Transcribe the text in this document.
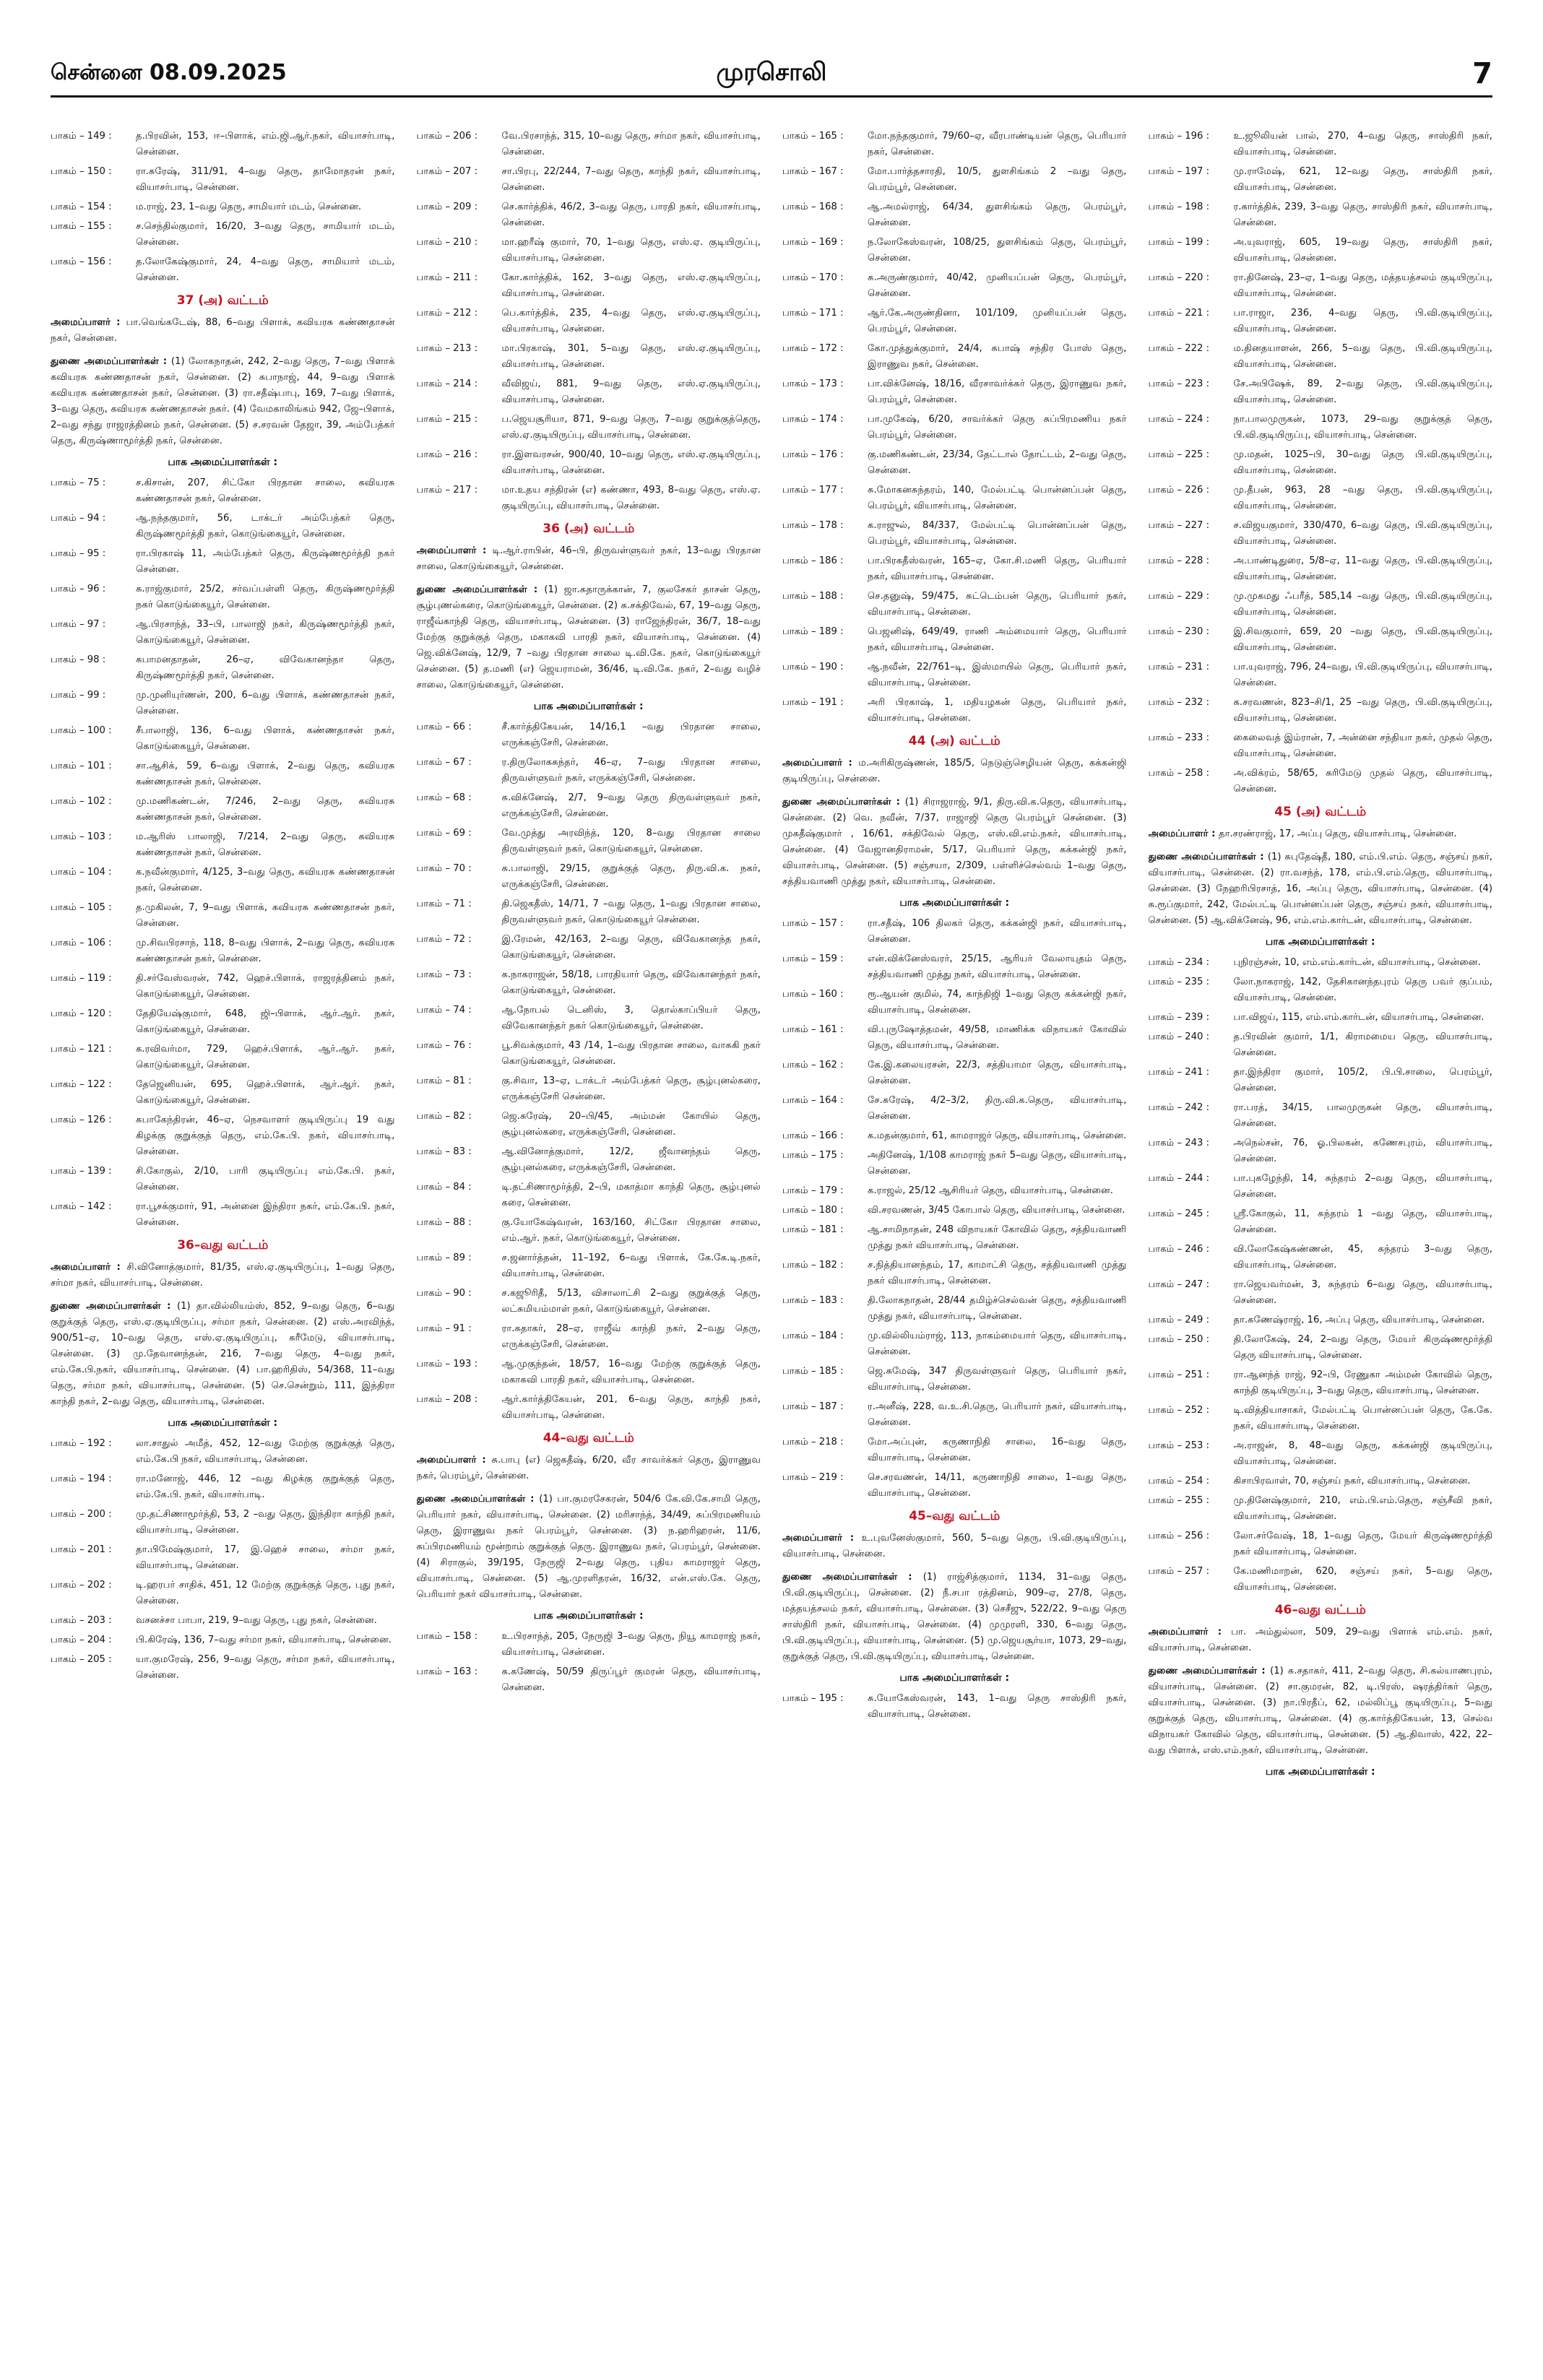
சென்னை 08.09.2025	முரசொலி	7
பாகம் – 149 :	த.பிரவின், 153, ஈ–பிளாக், எம்.ஜி.ஆர்.நகர், வியாசர்பாடி, சென்னை.
பாகம் – 150 :	ரா.சுரேஷ், 311/91, 4–வது தெரு, தாமோதரன் நகர், வியாசர்பாடி, சென்னை.
பாகம் – 154 :	ம.ராஜ், 23, 1–வது தெரு, சாமியார் மடம், சென்னை.
பாகம் – 155 :	ச.செந்தில்குமார், 16/20, 3–வது தெரு, சாமியார் மடம், சென்னை.
பாகம் – 156 :	த.லோகேஷ்குமார், 24, 4–வது தெரு, சாமியார் மடம், சென்னை.
37 (அ) வட்டம்
அமைப்பாளர் : பா.வெங்கடேஷ், 88, 6–வது பிளாக், கவியரசு கண்ணதாசன் நகர், சென்னை.
துணை அமைப்பாளர்கள் : (1) லோகநாதன், 242, 2–வது தெரு, 7–வது பிளாக் கவியரசு கண்ணதாசன் நகர், சென்னை. (2) சுபாநாஜ், 44, 9–வது பிளாக் கவியரசு கண்ணதாசன் நகர், சென்னை. (3) ரா.சதீஷ்பாபு, 169, 7–வது பிளாக், 3–வது தெரு, கவியரசு கண்ணதாசன் நகர். (4) வேமகாலிங்கம் 942, ஜே–பிளாக், 2–வது சந்து ராஜரத்தினம் நகர், சென்னை. (5) ச.சரவன் தேஜா, 39, அம்பேத்கர் தெரு, கிருஷ்ணாமூர்த்தி நகர், சென்னை.
பாக அமைப்பாளர்கள் :
பாகம் – 75 :	ச.கிசான், 207, சிட்கோ பிரதான சாலை, கவியரசு கண்ணதாசன் நகர், சென்னை.
பாகம் – 94 :	ஆ.நந்தகுமார், 56, டாக்டர் அம்பேத்கர் தெரு, கிருஷ்ணமூர்த்தி நகர், கொடுங்கையூர், சென்னை.
பாகம் – 95 :	ரா.பிரகாஷ் 11, அம்பேத்கர் தெரு, கிருஷ்ணமூர்த்தி நகர் சென்னை.
பாகம் – 96 :	க.ராஜ்குமார், 25/2, சர்வப்பள்ளி தெரு, கிருஷ்ணமூர்த்தி நகர் கொடுங்கையூர், சென்னை.
பாகம் – 97 :	ஆ.பிரசாந்த், 33–பி, பாலாஜி நகர், கிருஷ்ணமூர்த்தி நகர், கொடுங்கையூர், சென்னை.
பாகம் – 98 :	சுபாமனதாதன், 26–ஏ, விவேகானந்தா தெரு, கிருஷ்ணமூர்த்தி நகர், சென்னை.
பாகம் – 99 :	மு.முனியுர்ணன், 200, 6–வது பிளாக், கண்ணதாசன் நகர், சென்னை.
பாகம் – 100 :	சீபாலாஜி, 136, 6–வது பிளாக், கண்ணதாசன் நகர், கொடுங்கையூர், சென்னை.
பாகம் – 101 :	சா.ஆசிக், 59, 6–வது பிளாக், 2–வது தெரு, கவியரசு கண்ணதாசன் நகர், சென்னை.
பாகம் – 102 :	மு.மணிகண்டன், 7/246, 2–வது தெரு, கவியரசு கண்ணதாசன் நகர், சென்னை.
பாகம் – 103 :	ம.ஆரிஸ் பாலாஜி, 7/214, 2–வது தெரு, கவியரசு கண்ணதாசன் நகர், சென்னை.
பாகம் – 104 :	க.நவீன்குமார், 4/125, 3–வது தெரு, கவியரசு கண்ணதாசன் நகர், சென்னை.
பாகம் – 105 :	த.முகிலன், 7, 9–வது பிளாக், கவியரசு கண்ணதாசன் நகர், சென்னை.
பாகம் – 106 :	மு.சிவபிரசாந், 118, 8–வது பிளாக், 2–வது தெரு, கவியரசு கண்ணதாசன் நகர், சென்னை.
பாகம் – 119 :	தி.சர்வேஸ்வரன், 742, ஹெச்.பிளாக், ராஜரத்தினம் நகர், கொடுங்கையூர், சென்னை.
பாகம் – 120 :	தேதியேஷ்குமார், 648, ஜி–பிளாக், ஆர்.ஆர். நகர், கொடுங்கையூர், சென்னை.
பாகம் – 121 :	க.ரவிவர்மா, 729, ஹெச்.பிளாக், ஆர்.ஆர். நகர், கொடுங்கையூர், சென்னை.
பாகம் – 122 :	தேஜெனியன், 695, ஹெச்.பிளாக், ஆர்.ஆர். நகர், கொடுங்கையூர், சென்னை.
பாகம் – 126 :	சுபாகேந்திரன், 46–ஏ, நெசவாளர் குடியிருப்பு 19 வது கிழக்கு குறுக்குத் தெரு, எம்.கே.பி. நகர், வியாசர்பாடி, சென்னை.
பாகம் – 139 :	சி.கோகுல், 2/10, பாரி குடியிருப்பு எம்.கே.பி. நகர், சென்னை.
பாகம் – 142 :	ரா.பூசக்குமார், 91, அன்னை இந்திரா நகர், எம்.கே.பி. நகர், சென்னை.
36–வது வட்டம்
அமைப்பாளர் : சி.வினோத்குமார், 81/35, எஸ்.ஏ.குடியிருப்பு, 1–வது தெரு, சர்மா நகர், வியாசர்பாடி, சென்னை.
துணை அமைப்பாளர்கள் : (1) தா.வில்லியம்ஸ், 852, 9–வது தெரு, 6–வது குறுக்குத் தெரு, எஸ்.ஏ.குடியிருப்பு, சர்மா நகர், சென்னை. (2) எஸ்.அரவிந்த், 900/51–ஏ, 10–வது தெரு, எஸ்.ஏ.குடியிருப்பு, சுரீமேடு, வியாசர்பாடி, சென்னை. (3) மு.தேவானந்தன், 216, 7–வது தெரு, 4–வது நகர், எம்.கே.பி.நகர், வியாசர்பாடி, சென்னை. (4) பா.ஹரிதிஸ், 54/368, 11–வது தெரு, சர்மா நகர், வியாசர்பாடி, சென்னை. (5) செ.சென்றும், 111, இந்திரா காந்தி நகர், 2–வது தெரு, வியாசர்பாடி, சென்னை.
பாக அமைப்பாளர்கள் :
பாகம் – 192 :	லா.சாதுல் அமீத், 452, 12–வது மேற்கு குறுக்குத் தெரு, எம்.கே.பி நகர், வியாசர்பாடி, சென்னை.
பாகம் – 194 :	ரா.மனோஜ், 446, 12 –வது கிழக்கு குறுக்குத் தெரு, எம்.கே.பி. நகர், வியாசர்பாடி.
பாகம் – 200 :	மு.தட்சிணாமூர்த்தி, 53, 2 –வது தெரு, இந்திரா காந்தி நகர், வியாசர்பாடி, சென்னை.
பாகம் – 201 :	தா.பிமேஷ்குமார், 17, இ.ஹெச் சாலை, சர்மா நகர், வியாசர்பாடி, சென்னை.
பாகம் – 202 :	டி.ஹரபர் சாதிக், 451, 12 மேற்கு குறுக்குத் தெரு, புது நகர், சென்னை.
பாகம் – 203 :	வசனச்சா பாபா, 219, 9–வது தெரு, புது நகர், சென்னை.
பாகம் – 204 :	பி.கிரேஷ், 136, 7–வது சர்மா நகர், வியாசர்பாடி, சென்னை.
பாகம் – 205 :	யா.குமரேஷ், 256, 9–வது தெரு, சர்மா நகர், வியாசர்பாடி, சென்னை.
பாகம் – 206 :	வே.பிரசாந்த், 315, 10–வது தெரு, சர்மா நகர், வியாசர்பாடி, சென்னை.
பாகம் – 207 :	சா.பிரபு, 22/244, 7–வது தெரு, காந்தி நகர், வியாசர்பாடி, சென்னை.
பாகம் – 209 :	செ.கார்த்திக், 46/2, 3–வது தெரு, பாரதி நகர், வியாசர்பாடி, சென்னை.
பாகம் – 210 :	மா.ஹரீஷ் குமார், 70, 1–வது தெரு, எஸ்.ஏ. குடியிருப்பு, வியாசர்பாடி, சென்னை.
பாகம் – 211 :	கோ.கார்த்திக், 162, 3–வது தெரு, எஸ்.ஏ.குடியிருப்பு, வியாசர்பாடி, சென்னை.
பாகம் – 212 :	பெ.கார்த்திக், 235, 4–வது தெரு, எஸ்.ஏ.குடியிருப்பு, வியாசர்பாடி, சென்னை.
பாகம் – 213 :	மா.பிரகாஷ், 301, 5–வது தெரு, எஸ்.ஏ.குடியிருப்பு, வியாசர்பாடி, சென்னை.
பாகம் – 214 :	வீவிஜய், 881, 9–வது தெரு, எஸ்.ஏ.குடியிருப்பு, வியாசர்பாடி, சென்னை.
பாகம் – 215 :	ப.ஜெயசூரியா, 871, 9–வது தெரு, 7–வது குறுக்குத்தெரு, எஸ்.ஏ.குடியிருப்பு, வியாசர்பாடி, சென்னை.
பாகம் – 216 :	ரா.இளவரசன், 900/40, 10–வது தெரு, எஸ்.ஏ.குடியிருப்பு, வியாசர்பாடி, சென்னை.
பாகம் – 217 :	மா.உதய சந்திரன் (எ) கண்ணா, 493, 8–வது தெரு, எஸ்.ஏ. குடியிருப்பு, வியாசர்பாடி, சென்னை.
36 (அ) வட்டம்
அமைப்பாளர் : டி.ஆர்.ராபின், 46–பி, திருவள்ளுவர் நகர், 13–வது பிரதான சாலை, கொடுங்கையூர், சென்னை.
துணை அமைப்பாளர்கள் : (1) ஜா.சுதாருக்கான், 7, குலசேகர் தாசன் தெரு, சூழ்புணல்கரை, கொடுங்கையூர், சென்னை. (2) சு.சக்திவேல், 67, 19–வது தெரு, ராஜீவ்காந்தி தெரு, வியாசர்பாடி, சென்னை. (3) ராஜேந்திரன், 36/7, 18–வது மேற்கு குறுக்குத் தெரு, மகாகவி பாரதி நகர், வியாசர்பாடி, சென்னை. (4) ஜெ.விக்னேஷ், 12/9, 7 –வது பிரதான சாலை டி.வி.கே. நகர், கொடுங்கையூர் சென்னை. (5) த.மணி (எ) ஜெயராமன், 36/46, டி.வி.கே. நகர், 2–வது வழிச் சாலை, கொடுங்கையூர், சென்னை.
பாக அமைப்பாளர்கள் :
பாகம் – 66 :	சீ.கார்த்திகேயன், 14/16,1 –வது பிரதான சாலை, எருக்கஞ்சேரி, சென்னை.
பாகம் – 67 :	ர.திருலோகசுந்தர், 46–ஏ, 7–வது பிரதான சாலை, திருவள்ளுவர் நகர், எருக்கஞ்சேரி, சென்னை.
பாகம் – 68 :	சு.விக்னேஷ், 2/7, 9–வது தெரு திருவள்ளுவர் நகர், எருக்கஞ்சேரி, சென்னை.
பாகம் – 69 :	வே.முத்து அரவிந்த், 120, 8–வது பிரதான சாலை திருவள்ளுவர் நகர், கொடுங்கையூர், சென்னை.
பாகம் – 70 :	சு.பாலாஜி, 29/15, குறுக்குத் தெரு, திரு.வி.க. நகர், எருக்கஞ்சேரி, சென்னை.
பாகம் – 71 :	தி.ஜெகதீஸ், 14/71, 7 –வது தெரு, 1–வது பிரதான சாலை, திருவள்ளுவர் நகர், கொடுங்கையூர் சென்னை.
பாகம் – 72 :	இ.ரேமன், 42/163, 2–வது தெரு, விவேகானந்த நகர், கொடுங்கையூர், சென்னை.
பாகம் – 73 :	க.நாகராஜன், 58/18, பாரதியார் தெரு, விவேகானந்தர் நகர், கொடுங்கையூர், சென்னை.
பாகம் – 74 :	ஆ.நோபல் டெனிஸ், 3, தொல்காப்பியர் தெரு, விவேகானந்தர் நகர் கொடுங்கையூர், சென்னை.
பாகம் – 76 :	பூ.சிவக்குமார், 43 /14, 1–வது பிரதான சாலை, வாசுகி நகர் கொடுங்கையூர், சென்னை.
பாகம் – 81 :	கு.சிவா, 13–ஏ, டாக்டர் அம்பேத்கர் தெரு, சூழ்புனல்கரை, எருக்கஞ்சேரி சென்னை.
பாகம் – 82 :	ஜெ.சுரேஷ், 20–பி/45, அம்மன் கோயில் தெரு, சூழ்புனல்கரை, எருக்கஞ்சேரி, சென்னை.
பாகம் – 83 :	ஆ.வினோத்குமார், 12/2, ஜீவானந்தம் தெரு, சூழ்புனல்கரை, எருக்கஞ்சேரி, சென்னை.
பாகம் – 84 :	டி.தட்சிணாமூர்த்தி, 2–பி, மகாத்மா காந்தி தெரு, சூழ்புனல் கரை, சென்னை.
பாகம் – 88 :	கு.யோகேஷ்வரன், 163/160, சிட்கோ பிரதான சாலை, எம்.ஆர். நகர், கொடுங்கையூர், சென்னை.
பாகம் – 89 :	ச.ஜனார்த்தன், 11–192, 6–வது பிளாக், கே.கே.டி.நகர், வியாசர்பாடி, சென்னை.
பாகம் – 90 :	ச.கஜூரிதீ, 5/13, விசாலாட்சி 2–வது குறுக்குத் தெரு, லட்சுமியம்மாள் நகர், கொடுங்கையூர், சென்னை.
பாகம் – 91 :	ரா.சுதாகர், 28–ஏ, ராஜீவ் காந்தி நகர், 2–வது தெரு, எருக்கஞ்சேரி, சென்னை.
பாகம் – 193 :	ஆ.முகுந்தன், 18/57, 16–வது மேற்கு குறுக்குத் தெரு, மகாகவி பாரதி நகர், வியாசர்பாடி, சென்னை.
பாகம் – 208 :	ஆர்.கார்த்திகேயன், 201, 6–வது தெரு, காந்தி நகர், வியாசர்பாடி, சென்னை.
44–வது வட்டம்
அமைப்பாளர் : சு.பாபு (எ) ஜெகதீஷ், 6/20, வீர சாவர்க்கர் தெரு, இராணுவ நகர், பெரம்பூர், சென்னை.
துணை அமைப்பாளர்கள் : (1) பா.குமரசேகரன், 504/6 கே.வி.கே.சாமி தெரு, பெரியார் நகர், வியாசர்பாடி, சென்னை. (2) மரிசாந்த், 34/49, சுப்பிரமணியம் தெரு, இராணுவ நகர் பெரம்பூர், சென்னை. (3) ந.ஹரிஹரன், 11/6, சுப்பிரமணியம் மூன்றாம் குறுக்குத் தெரு. இராணுவ நகர், பெரம்பூர், சென்னை. (4) சிராகுல், 39/195, நேருஜி 2–வது தெரு, புதிய காமராஜர் தெரு, வியாசர்பாடி, சென்னை. (5) ஆ.முரளிதரன், 16/32, என்.எஸ்.கே. தெரு, பெரியார் நகர் வியாசர்பாடி, சென்னை.
பாக அமைப்பாளர்கள் :
பாகம் – 158 :	உ.பிரசாந்த், 205, நேருஜி 3–வது தெரு, நியூ காமராஜ் நகர், வியாசர்பாடி, சென்னை.
பாகம் – 163 :	க.கணேஷ், 50/59 திருப்பூர் குமரன் தெரு, வியாசர்பாடி, சென்னை.
பாகம் – 165 :	மோ.நந்தகுமார், 79/60–ஏ, வீரபாண்டியன் தெரு, பெரியார் நகர், சென்னை.
பாகம் – 167 :	மோ.பார்த்தசாரதி, 10/5, துளசிங்கம் 2 –வது தெரு, பெரம்பூர், சென்னை.
பாகம் – 168 :	ஆ.அமல்ராஜ், 64/34, துளசிங்கம் தெரு, பெரம்பூர், சென்னை.
பாகம் – 169 :	ந.லோகேஸ்வரன், 108/25, துளசிங்கம் தெரு, பெரம்பூர், சென்னை.
பாகம் – 170 :	சு.அருண்குமார், 40/42, முனியப்பன் தெரு, பெரம்பூர், சென்னை.
பாகம் – 171 :	ஆர்.கே.அருண்தினா, 101/109, முனியப்பன் தெரு, பெரம்பூர், சென்னை.
பாகம் – 172 :	கோ.முத்துக்குமார், 24/4, சுபாஷ் சந்திர போஸ் தெரு, இராணுவ நகர், சென்னை.
பாகம் – 173 :	பா.விக்னேஷ், 18/16, வீரசாவர்க்கர் தெரு, இராணுவ நகர், பெரம்பூர், சென்னை.
பாகம் – 174 :	பா.முகேஷ், 6/20, சாவர்க்கர் தெரு சுப்பிரமணிய நகர் பெரம்பூர், சென்னை.
பாகம் – 176 :	கு.மணிகண்டன், 23/34, தேட்டால் தோட்டம், 2–வது தெரு, சென்னை.
பாகம் – 177 :	சு.மோகனசுந்தரம், 140, மேல்பட்டி பொன்னப்பன் தெரு, பெரம்பூர், வியாசர்பாடி, சென்னை.
பாகம் – 178 :	க.ராஜுல், 84/337, மேல்பட்டி பொன்னப்பன் தெரு, பெரம்பூர், வியாசர்பாடி, சென்னை.
பாகம் – 186 :	பா.பிரகதீஸ்வரன், 165–ஏ, கோ.சி.மணி தெரு, பெரியார் நகர், வியாசர்பாடி, சென்னை.
பாகம் – 188 :	செ.தனுஷ், 59/475, சுட்டெம்பன் தெரு, பெரியார் நகர், வியாசர்பாடி, சென்னை.
பாகம் – 189 :	பெஜனிஷ், 649/49, ராணி அம்மையார் தெரு, பெரியார் நகர், வியாசர்பாடி, சென்னை.
பாகம் – 190 :	ஆ.நவீன், 22/761–டி, இஸ்மாயில் தெரு, பெரியார் நகர், வியாசர்பாடி, சென்னை.
பாகம் – 191 :	அரி பிரகாஷ், 1, மதியழகன் தெரு, பெரியார் நகர், வியாசர்பாடி, சென்னை.
44 (அ) வட்டம்
அமைப்பாளர் : ம.அரிகிருஷ்ணன், 185/5, நெடுஞ்செழியன் தெரு, கக்கன்ஜி குடியிருப்பு, சென்னை.
துணை அமைப்பாளர்கள் : (1) சிராஜராஜ், 9/1, திரு.வி.க.தெரு, வியாசர்பாடி, சென்னை. (2) வெ. நவீன், 7/37, ராஜாஜி தெரு பெரம்பூர் சென்னை. (3) முகதீஷ்குமார் , 16/61, சக்திவேல் தெரு, எஸ்.வி.எம்.நகர், வியாசர்பாடி, சென்னை. (4) வேஜானதிராமன், 5/17, பெரியார் தெரு, கக்கன்ஜி நகர், வியாசர்பாடி, சென்னை. (5) சஞ்சயா, 2/309, பள்ளிச்செல்வம் 1–வது தெரு, சத்தியவாணி முத்து நகர், வியாசர்பாடி, சென்னை.
பாக அமைப்பாளர்கள் :
பாகம் – 157 :	ரா.சதீஷ், 106 திலகர் தெரு, கக்கன்ஜி நகர், வியாசர்பாடி, சென்னை.
பாகம் – 159 :	என்.விக்னேஸ்வரர், 25/15, ஆரியர் வேலாயுதம் தெரு, சத்தியவாணி முத்து நகர், வியாசர்பாடி, சென்னை.
பாகம் – 160 :	ரூ.ஆயன் குமில், 74, காந்திஜி 1–வது தெரு கக்கன்ஜி நகர், வியாசர்பாடி, சென்னை.
பாகம் – 161 :	வி.புருஷோத்தமன், 49/58, மாணிக்க விநாயகர் கோவில் தெரு, வியாசர்பாடி, சென்னை.
பாகம் – 162 :	கே.இ.கலையரசன், 22/3, சத்தியாமா தெரு, வியாசர்பாடி, சென்னை.
பாகம் – 164 :	சே.சுரேஷ், 4/2–3/2, திரு.வி.க.தெரு, வியாசர்பாடி, சென்னை.
பாகம் – 166 :	க.மதன்குமார், 61, காமராஜர் தெரு, வியாசர்பாடி, சென்னை.
பாகம் – 175 :	அதினேஷ், 1/108 காமராஜ் நகர் 5–வது தெரு, வியாசர்பாடி, சென்னை.
பாகம் – 179 :	க.ராஜல், 25/12 ஆசிரியர் தெரு, வியாசர்பாடி, சென்னை.
பாகம் – 180 :	வி.சரவணன், 3/45 கோபால் தெரு, வியாசர்பாடி, சென்னை.
பாகம் – 181 :	ஆ.சாமிநாதன், 248 விநாயகர் கோவில் தெரு, சத்தியவாணி முத்து நகர் வியாசர்பாடி, சென்னை.
பாகம் – 182 :	ச.நித்தியானந்தம், 17, காமாட்சி தெரு, சத்தியவாணி முத்து நகர் வியாசர்பாடி, சென்னை.
பாகம் – 183 :	தி.லோகநாதன், 28/44 தமிழ்ச்செல்வன் தெரு, சத்தியவாணி முத்து நகர், வியாசர்பாடி, சென்னை.
பாகம் – 184 :	மு.வில்லியம்ராஜ், 113, நாகம்மையார் தெரு, வியாசர்பாடி, சென்னை.
பாகம் – 185 :	ஜெ.சுமேஷ், 347 திருவள்ளுவர் தெரு, பெரியார் நகர், வியாசர்பாடி, சென்னை.
பாகம் – 187 :	ர.அனீஷ், 228, வ.உ.சி.தெரு, பெரியார் நகர், வியாசர்பாடி, சென்னை.
பாகம் – 218 :	மோ.அப்புன், கருணாநிதி சாலை, 16–வது தெரு, வியாசர்பாடி, சென்னை.
பாகம் – 219 :	செ.சரவணன், 14/11, கருணாநிதி சாலை, 1–வது தெரு, வியாசர்பாடி, சென்னை.
45–வது வட்டம்
அமைப்பாளர் : உ.புவனேஸ்குமார், 560, 5–வது தெரு, பி.வி.குடியிருப்பு, வியாசர்பாடி, சென்னை.
துணை அமைப்பாளர்கள் : (1) ராஜ்சித்குமார், 1134, 31–வது தெரு, பி.வி.குடியிருப்பு, சென்னை. (2) நீ.சபா ரத்தினம், 909–ஏ, 27/8, தெரு, மத்தயத்சலம் நகர், வியாசர்பாடி, சென்னை. (3) செசீஜு, 522/22, 9–வது தெரு சாஸ்திரி நகர், வியாசர்பாடி, சென்னை. (4) முமுரளி, 330, 6–வது தெரு, பி.வி.குடியிருப்பு, வியாசர்பாடி, சென்னை. (5) மு.ஜெயசூர்யா, 1073, 29–வது, குறுக்குத் தெரு, பி.வி.குடியிருப்பு, வியாசர்பாடி, சென்னை.
பாக அமைப்பாளர்கள் :
பாகம் – 195 :	சு.யோகேஸ்வரன், 143, 1–வது தெரு சாஸ்திரி நகர், வியாசர்பாடி, சென்னை.
பாகம் – 196 :	உ.ஜூலியன் பால், 270, 4–வது தெரு, சாஸ்திரி நகர், வியாசர்பாடி, சென்னை.
பாகம் – 197 :	மு.ராமேஷ், 621, 12–வது தெரு, சாஸ்திரி நகர், வியாசர்பாடி, சென்னை.
பாகம் – 198 :	ர.கார்த்திக், 239, 3–வது தெரு, சாஸ்திரி நகர், வியாசர்பாடி, சென்னை.
பாகம் – 199 :	அ.யுவராஜ், 605, 19–வது தெரு, சாஸ்திரி நகர், வியாசர்பாடி, சென்னை.
பாகம் – 220 :	ரா.தினேஷ், 23–ஏ, 1–வது தெரு, மத்தயத்சலம் குடியிருப்பு, வியாசர்பாடி, சென்னை.
பாகம் – 221 :	பா.ராஜா, 236, 4–வது தெரு, பி.வி.குடியிருப்பு, வியாசர்பாடி, சென்னை.
பாகம் – 222 :	ம.தினதயாளன், 266, 5–வது தெரு, பி.வி.குடியிருப்பு, வியாசர்பாடி, சென்னை.
பாகம் – 223 :	சே.அபிஷேக், 89, 2–வது தெரு, பி.வி.குடியிருப்பு, வியாசர்பாடி, சென்னை.
பாகம் – 224 :	நா.பாலமுருகன், 1073, 29–வது குறுக்குத் தெரு, பி.வி.குடியிருப்பு, வியாசர்பாடி, சென்னை.
பாகம் – 225 :	மு.மதன், 1025–பி, 30–வது தெரு பி.வி.குடியிருப்பு, வியாசர்பாடி, சென்னை.
பாகம் – 226 :	மு.தீபன், 963, 28 –வது தெரு, பி.வி.குடியிருப்பு, வியாசர்பாடி, சென்னை.
பாகம் – 227 :	ச.விஜயகுமார், 330/470, 6–வது தெரு, பி.வி.குடியிருப்பு, வியாசர்பாடி, சென்னை.
பாகம் – 228 :	அ.பாண்டிதுரை, 5/8–ஏ, 11–வது தெரு, பி.வி.குடியிருப்பு, வியாசர்பாடி, சென்னை.
பாகம் – 229 :	மு.முகமது ஃபரீத், 585,14 –வது தெரு, பி.வி.குடியிருப்பு, வியாசர்பாடி, சென்னை.
பாகம் – 230 :	இ.சிவகுமார், 659, 20 –வது தெரு, பி.வி.குடியிருப்பு, வியாசர்பாடி, சென்னை.
பாகம் – 231 :	பா.யுவராஜ், 796, 24–வது, பி.வி.குடியிருப்பு, வியாசர்பாடி, சென்னை.
பாகம் – 232 :	க.சரவணன், 823–சி/1, 25 –வது தெரு, பி.வி.குடியிருப்பு, வியாசர்பாடி, சென்னை.
பாகம் – 233 :	கைலைவத் இம்ரான், 7, அன்னை சந்தியா நகர், முதல் தெரு, வியாசர்பாடி, சென்னை.
பாகம் – 258 :	அ.விக்ரம், 58/65, சுரிமேடு முதல் தெரு, வியாசர்பாடி, சென்னை.
45 (அ) வட்டம்
அமைப்பாளர் : தா.சரண்ராஜ், 17, அப்பு தெரு, வியாசர்பாடி, சென்னை.
துணை அமைப்பாளர்கள் : (1) சுபுதேஷ்தீ, 180, எம்.பி.எம். தெரு, சஞ்சய் நகர், வியாசர்பாடி, சென்னை. (2) ரா.வசந்த், 178, எம்.பி.எம்.தெரு, வியாசர்பாடி, சென்னை. (3) நேஹரிபிரசாத், 16, அப்பு தெரு, வியாசர்பாடி, சென்னை. (4) சு.ரூப்குமார், 242, மேல்பட்டி பொன்னப்பன் தெரு, சஞ்சய் நகர், வியாசர்பாடி, சென்னை. (5) ஆ.விக்னேஷ், 96, எம்.எம்.கார்டன், வியாசர்பாடி, சென்னை.
பாக அமைப்பாளர்கள் :
பாகம் – 234 :	புநிரஞ்சன், 10, எம்.எம்.கார்டன், வியாசர்பாடி, சென்னை.
பாகம் – 235 :	லோ.நாகராஜ், 142, தேசிகானந்தபுரம் தெரு பவர் குப்பம், வியாசர்பாடி, சென்னை.
பாகம் – 239 :	பா.விஜய், 115, எம்.எம்.கார்டன், வியாசர்பாடி, சென்னை.
பாகம் – 240 :	த.பிரவின் குமார், 1/1, கிராமமைய தெரு, வியாசர்பாடி, சென்னை.
பாகம் – 241 :	தா.இந்திரா குமார், 105/2, பி.பி.சாலை, பெரம்பூர், சென்னை.
பாகம் – 242 :	ரா.பரத், 34/15, பாலமுருகன் தெரு, வியாசர்பாடி, சென்னை.
பாகம் – 243 :	அநெல்சன், 76, ஓ.பிலகன், கணேசபுரம், வியாசர்பாடி, சென்னை.
பாகம் – 244 :	பா.புகழேந்தி, 14, சுந்தரம் 2–வது தெரு, வியாசர்பாடி, சென்னை.
பாகம் – 245 :	ஸ்ரீ.கோகுல், 11, சுந்தரம் 1 –வது தெரு, வியாசர்பாடி, சென்னை.
பாகம் – 246 :	வி.லோகேஷ்கண்ணன், 45, சுந்தரம் 3–வது தெரு, வியாசர்பாடி, சென்னை.
பாகம் – 247 :	ரா.ஜெயவர்மன், 3, சுந்தரம் 6–வது தெரு, வியாசர்பாடி, சென்னை.
பாகம் – 249 :	தா.கணேஷ்ராஜ், 16, அப்பு தெரு, வியாசர்பாடி, சென்னை.
பாகம் – 250 :	தி.லோகேஷ், 24, 2–வது தெரு, மேயர் கிருஷ்ணமூர்த்தி தெரு வியாசர்பாடி, சென்னை.
பாகம் – 251 :	ரா.ஆனந்த் ராஜ், 92–பி, ரேணுகா அம்மன் கோவில் தெரு, காந்தி குடியிருப்பு, 3–வது தெரு, வியாசர்பாடி, சென்னை.
பாகம் – 252 :	டி.வித்தியாசாகர், மேல்பட்டி பொன்னப்பன் தெரு, கே.கே. நகர், வியாசர்பாடி, சென்னை.
பாகம் – 253 :	அ.ராஜன், 8, 48–வது தெரு, கக்கன்ஜி குடியிருப்பு, வியாசர்பாடி, சென்னை.
பாகம் – 254 :	கிசாபிரவாள், 70, சஞ்சய் நகர், வியாசர்பாடி, சென்னை.
பாகம் – 255 :	மு.தினேஷ்குமார், 210, எம்.பி.எம்.தெரு, சஞ்சீவி நகர், வியாசர்பாடி, சென்னை.
பாகம் – 256 :	லோ.சர்வேஷ், 18, 1–வது தெரு, மேயர் கிருஷ்ணமூர்த்தி நகர் வியாசர்பாடி, சென்னை.
பாகம் – 257 :	கே.மணிமாறன், 620, சஞ்சய் நகர், 5–வது தெரு, வியாசர்பாடி, சென்னை.
46–வது வட்டம்
அமைப்பாளர் : பா. அம்துல்லா, 509, 29–வது பிளாக் எம்.எம். நகர், வியாசர்பாடி, சென்னை.
துணை அமைப்பாளர்கள் : (1) சு.சதாகர், 411, 2–வது தெரு, சி.கல்யாணபுரம், வியாசர்பாடி, சென்னை. (2) சா.குமரன், 82, டி.பிரஸ், ஷரத்திர்கர் தெரு, வியாசர்பாடி, சென்னை. (3) நா.பிரதீப், 62, மல்லிப்பூ குடியிருப்பு, 5–வது குறுக்குத் தெரு, வியாசர்பாடி, சென்னை. (4) கு.கார்த்திகேயன், 13, செல்வ விநாயகர் கோவில் தெரு, வியாசர்பாடி, சென்னை. (5) ஆ.திவாஸ், 422, 22–வது பிளாக், எஸ்.எம்.நகர், வியாசர்பாடி, சென்னை.
பாக அமைப்பாளர்கள் :
